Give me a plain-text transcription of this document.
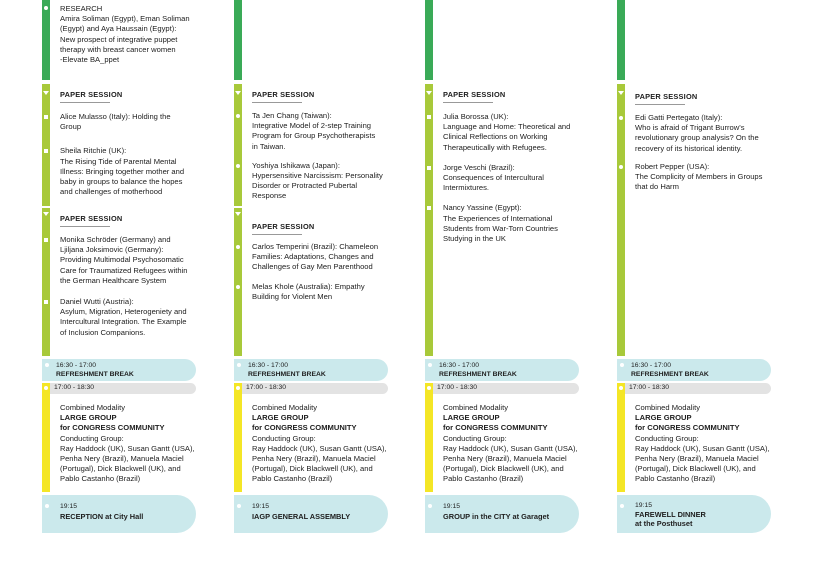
RESEARCH
Amira Soliman (Egypt), Eman Soliman
(Egypt) and Aya Haussain (Egypt):
New prospect of integrative puppet
therapy with breast cancer women
-Elevate BA_ppet
PAPER SESSION
Alice Mulasso (Italy): Holding the
Group
Sheila Ritchie (UK):
The Rising Tide of Parental Mental
Illness: Bringing together mother and
baby in groups to balance the hopes
and challenges of motherhood
PAPER SESSION
Monika Schröder (Germany) and
Ljiljana Joksimovic (Germany):
Providing Multimodal Psychosomatic
Care for Traumatized Refugees within
the German Healthcare System
Daniel Wutti (Austria):
Asylum, Migration, Heterogeniety and
Intercultural Integration. The Example
of Inclusion Companions.
16:30 - 17:00
REFRESHMENT BREAK
17:00 - 18:30
Combined Modality
LARGE GROUP
for CONGRESS COMMUNITY
Conducting Group:
Ray Haddock (UK), Susan Gantt (USA),
Penha Nery (Brazil), Manuela Maciel
(Portugal), Dick Blackwell (UK), and
Pablo Castanho (Brazil)
19:15
RECEPTION at City Hall
PAPER SESSION
Ta Jen Chang (Taiwan):
Integrative Model of 2-step Training
Program for Group Psychotherapists
in Taiwan.
Yoshiya Ishikawa (Japan):
Hypersensitive Narcissism: Personality
Disorder or Protracted Pubertal
Response
PAPER SESSION
Carlos Temperini (Brazil): Chameleon
Families: Adaptations, Changes and
Challenges of Gay Men Parenthood
Melas Khole (Australia): Empathy
Building for Violent Men
16:30 - 17:00
REFRESHMENT BREAK
17:00 - 18:30
Combined Modality
LARGE GROUP
for CONGRESS COMMUNITY
Conducting Group:
Ray Haddock (UK), Susan Gantt (USA),
Penha Nery (Brazil), Manuela Maciel
(Portugal), Dick Blackwell (UK), and
Pablo Castanho (Brazil)
19:15
IAGP GENERAL ASSEMBLY
PAPER SESSION
Julia Borossa (UK):
Language and Home: Theoretical and
Clinical Reflections on Working
Therapeutically with Refugees.
Jorge Veschi (Brazil):
Consequences of Intercultural
Intermixtures.
Nancy Yassine (Egypt):
The Experiences of International
Students from War-Torn Countries
Studying in the UK
16:30 - 17:00
REFRESHMENT BREAK
17:00 - 18:30
Combined Modality
LARGE GROUP
for CONGRESS COMMUNITY
Conducting Group:
Ray Haddock (UK), Susan Gantt (USA),
Penha Nery (Brazil), Manuela Maciel
(Portugal), Dick Blackwell (UK), and
Pablo Castanho (Brazil)
19:15
GROUP in the CITY at Garaget
PAPER SESSION
Edi Gatti Pertegato (Italy):
Who is afraid of Trigant Burrow's
revolutionary group analysis? On the
recovery of its historical identity.
Robert Pepper (USA):
The Complicity of Members in Groups
that do Harm
16:30 - 17:00
REFRESHMENT BREAK
17:00 - 18:30
Combined Modality
LARGE GROUP
for CONGRESS COMMUNITY
Conducting Group:
Ray Haddock (UK), Susan Gantt (USA),
Penha Nery (Brazil), Manuela Maciel
(Portugal), Dick Blackwell (UK), and
Pablo Castanho (Brazil)
19:15
FAREWELL DINNER
at the Posthuset
